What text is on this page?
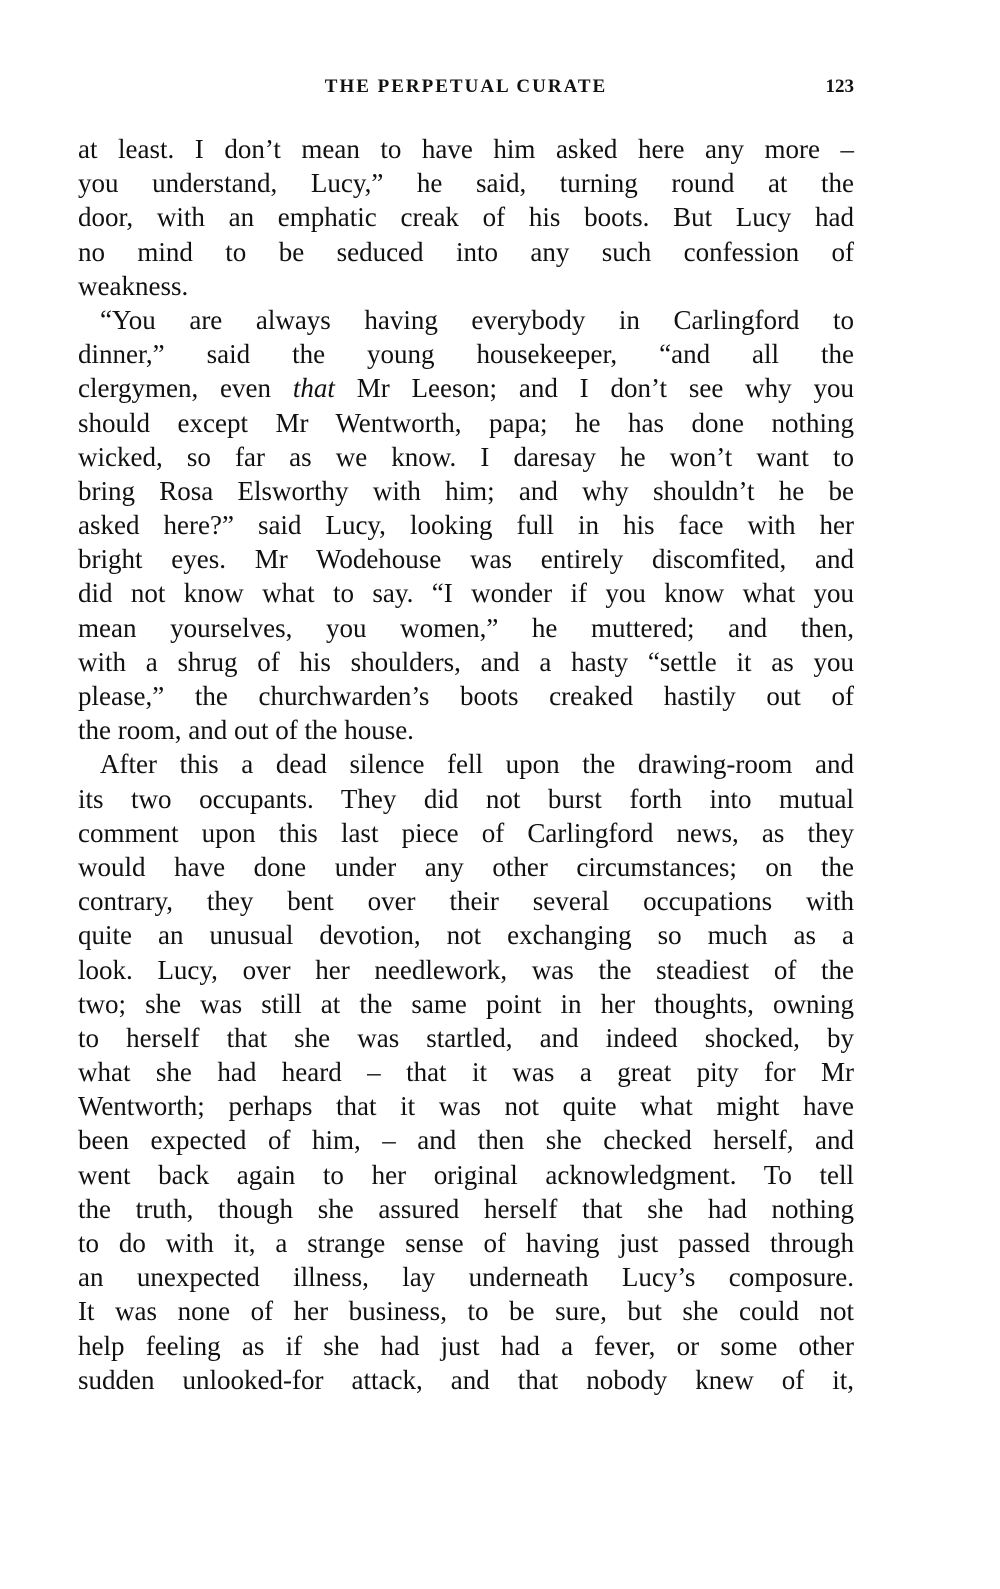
THE PERPETUAL CURATE	123
at least. I don’t mean to have him asked here any more –
you understand, Lucy,” he said, turning round at the
door, with an emphatic creak of his boots. But Lucy had
no mind to be seduced into any such confession of
weakness.
“You are always having everybody in Carlingford to
dinner,” said the young housekeeper, “and all the
clergymen, even that Mr Leeson; and I don’t see why you
should except Mr Wentworth, papa; he has done nothing
wicked, so far as we know. I daresay he won’t want to
bring Rosa Elsworthy with him; and why shouldn’t he be
asked here?” said Lucy, looking full in his face with her
bright eyes. Mr Wodehouse was entirely discomfited, and
did not know what to say. “I wonder if you know what you
mean yourselves, you women,” he muttered; and then,
with a shrug of his shoulders, and a hasty “settle it as you
please,” the churchwarden’s boots creaked hastily out of
the room, and out of the house.
After this a dead silence fell upon the drawing-room and
its two occupants. They did not burst forth into mutual
comment upon this last piece of Carlingford news, as they
would have done under any other circumstances; on the
contrary, they bent over their several occupations with
quite an unusual devotion, not exchanging so much as a
look. Lucy, over her needlework, was the steadiest of the
two; she was still at the same point in her thoughts, owning
to herself that she was startled, and indeed shocked, by
what she had heard – that it was a great pity for Mr
Wentworth; perhaps that it was not quite what might have
been expected of him, – and then she checked herself, and
went back again to her original acknowledgment. To tell
the truth, though she assured herself that she had nothing
to do with it, a strange sense of having just passed through
an unexpected illness, lay underneath Lucy’s composure.
It was none of her business, to be sure, but she could not
help feeling as if she had just had a fever, or some other
sudden unlooked-for attack, and that nobody knew of it,
